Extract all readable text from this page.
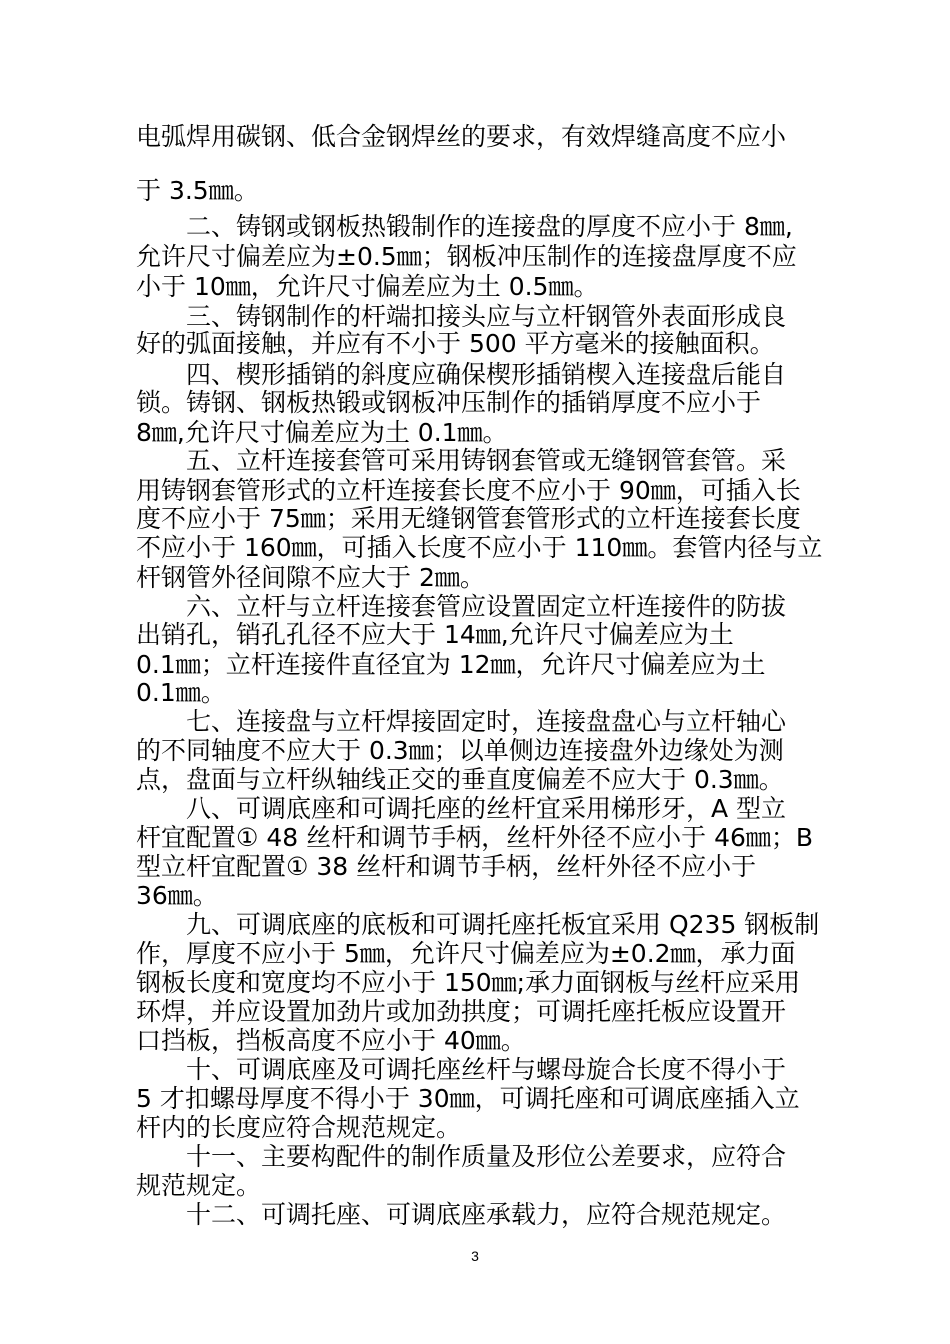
电弧焊用碳钢、低合金钢焊丝的要求，有效焊缝高度不应小
于 3.5㎜。
　　二、铸钢或钢板热锻制作的连接盘的厚度不应小于 8㎜,
允许尺寸偏差应为±0.5㎜；钢板冲压制作的连接盘厚度不应
小于 10㎜，允许尺寸偏差应为土 0.5㎜。
　　三、铸钢制作的杆端扣接头应与立杆钢管外表面形成良
好的弧面接触，并应有不小于 500 平方毫米的接触面积。
　　四、楔形插销的斜度应确保楔形插销楔入连接盘后能自
锁。铸钢、钢板热锻或钢板冲压制作的插销厚度不应小于
8㎜,允许尺寸偏差应为土 0.1㎜。
　　五、立杆连接套管可采用铸钢套管或无缝钢管套管。采
用铸钢套管形式的立杆连接套长度不应小于 90㎜，可插入长
度不应小于 75㎜；采用无缝钢管套管形式的立杆连接套长度
不应小于 160㎜，可插入长度不应小于 110㎜。套管内径与立
杆钢管外径间隙不应大于 2㎜。
　　六、立杆与立杆连接套管应设置固定立杆连接件的防拔
出销孔，销孔孔径不应大于 14㎜,允许尺寸偏差应为土
0.1㎜；立杆连接件直径宜为 12㎜，允许尺寸偏差应为土
0.1㎜。
　　七、连接盘与立杆焊接固定时，连接盘盘心与立杆轴心
的不同轴度不应大于 0.3㎜；以单侧边连接盘外边缘处为测
点，盘面与立杆纵轴线正交的垂直度偏差不应大于 0.3㎜。
　　八、可调底座和可调托座的丝杆宜采用梯形牙，A 型立
杆宜配置① 48 丝杆和调节手柄，丝杆外径不应小于 46㎜；B
型立杆宜配置① 38 丝杆和调节手柄，丝杆外径不应小于
36㎜。
　　九、可调底座的底板和可调托座托板宜采用 Q235 钢板制
作，厚度不应小于 5㎜，允许尺寸偏差应为±0.2㎜，承力面
钢板长度和宽度均不应小于 150㎜;承力面钢板与丝杆应采用
环焊，并应设置加劲片或加劲拱度；可调托座托板应设置开
口挡板，挡板高度不应小于 40㎜。
　　十、可调底座及可调托座丝杆与螺母旋合长度不得小于
5 才扣螺母厚度不得小于 30㎜，可调托座和可调底座插入立
杆内的长度应符合规范规定。
　　十一、主要构配件的制作质量及形位公差要求，应符合
规范规定。
　　十二、可调托座、可调底座承载力，应符合规范规定。
3
